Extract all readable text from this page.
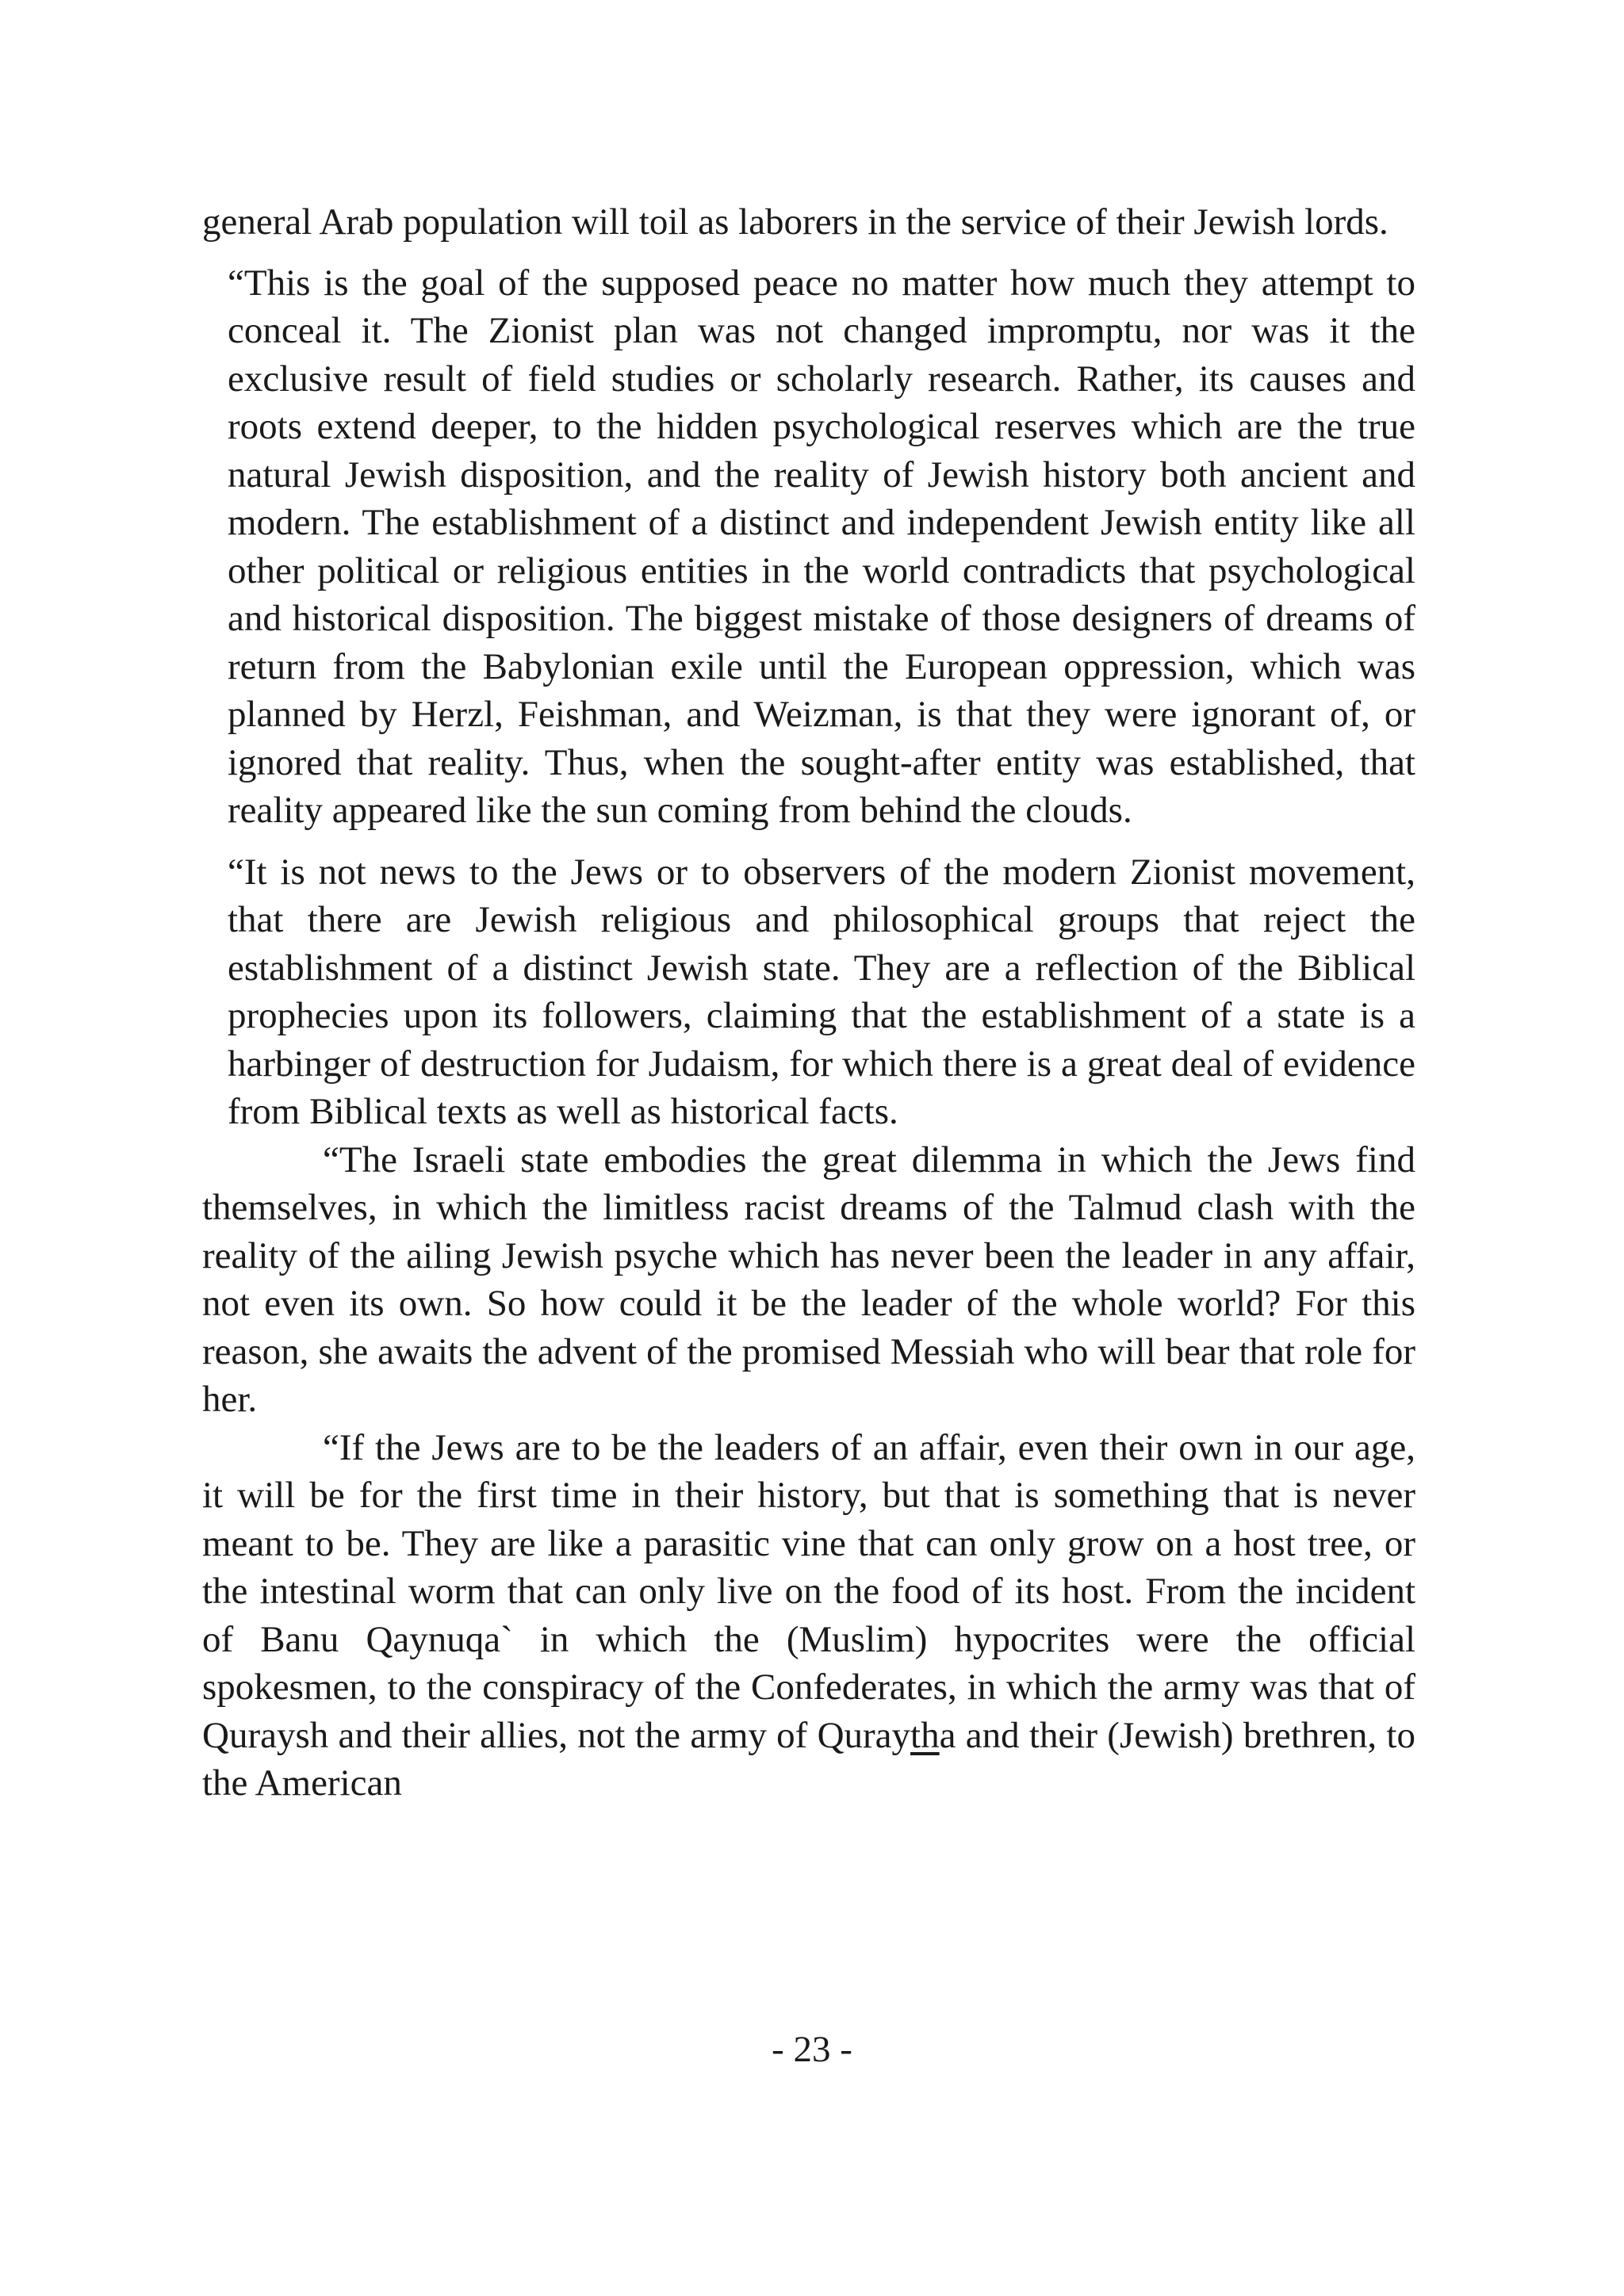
general Arab population will toil as laborers in the service of their Jewish lords.

“This is the goal of the supposed peace no matter how much they attempt to conceal it. The Zionist plan was not changed impromptu, nor was it the exclusive result of field studies or scholarly research. Rather, its causes and roots extend deeper, to the hidden psychological reserves which are the true natural Jewish disposition, and the reality of Jewish history both ancient and modern. The establishment of a distinct and independent Jewish entity like all other political or religious entities in the world contradicts that psychological and historical disposition. The biggest mistake of those designers of dreams of return from the Babylonian exile until the European oppression, which was planned by Herzl, Feishman, and Weizman, is that they were ignorant of, or ignored that reality. Thus, when the sought-after entity was established, that reality appeared like the sun coming from behind the clouds.

“It is not news to the Jews or to observers of the modern Zionist movement, that there are Jewish religious and philosophical groups that reject the establishment of a distinct Jewish state. They are a reflection of the Biblical prophecies upon its followers, claiming that the establishment of a state is a harbinger of destruction for Judaism, for which there is a great deal of evidence from Biblical texts as well as historical facts.

“The Israeli state embodies the great dilemma in which the Jews find themselves, in which the limitless racist dreams of the Talmud clash with the reality of the ailing Jewish psyche which has never been the leader in any affair, not even its own. So how could it be the leader of the whole world? For this reason, she awaits the advent of the promised Messiah who will bear that role for her.

“If the Jews are to be the leaders of an affair, even their own in our age, it will be for the first time in their history, but that is something that is never meant to be. They are like a parasitic vine that can only grow on a host tree, or the intestinal worm that can only live on the food of its host. From the incident of Banu Qaynuqa` in which the (Muslim) hypocrites were the official spokesmen, to the conspiracy of the Confederates, in which the army was that of Quraysh and their allies, not the army of Quraytha and their (Jewish) brethren, to the American

- 23 -
